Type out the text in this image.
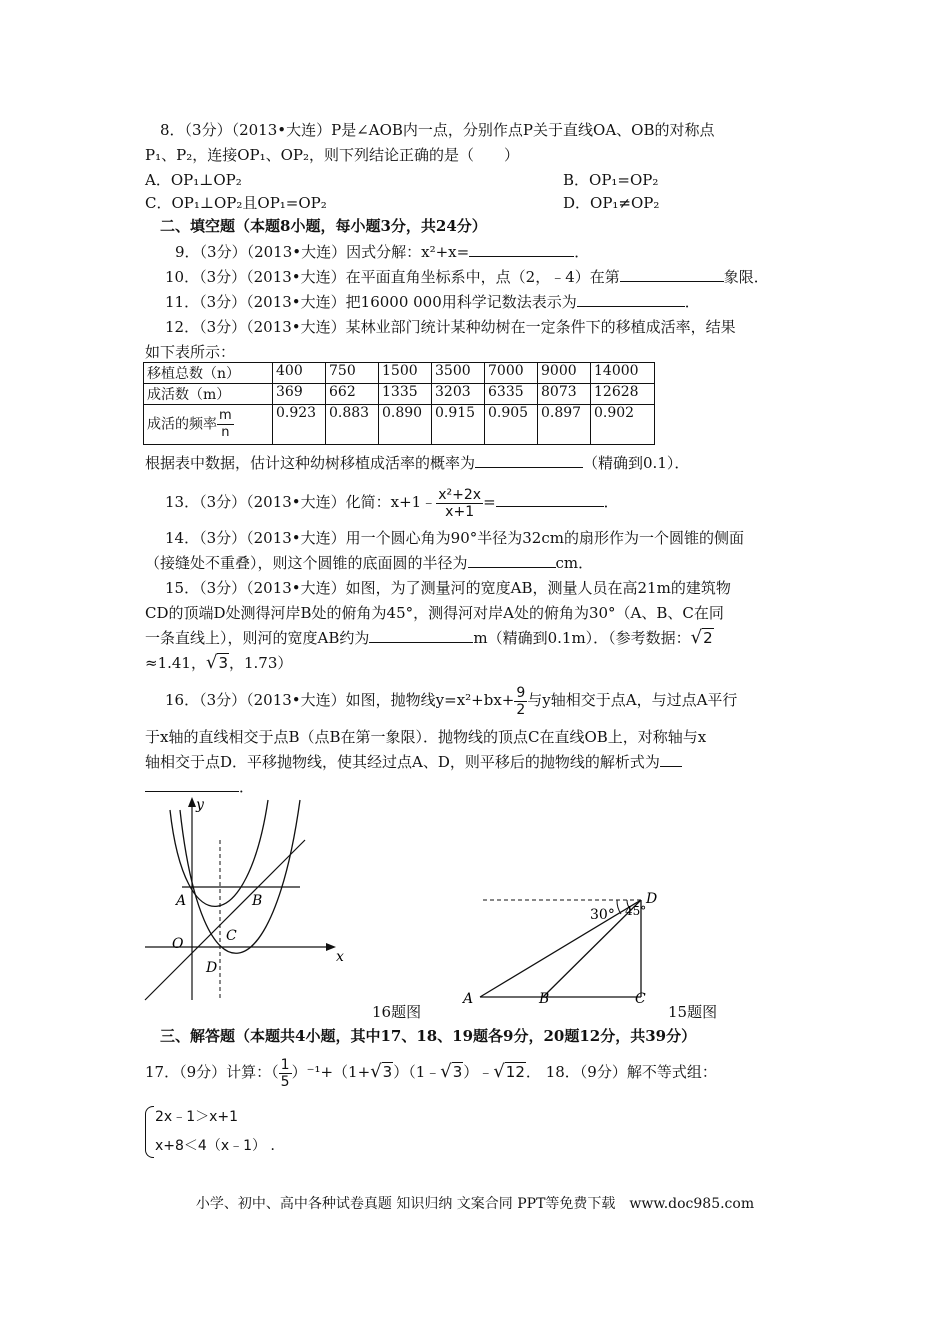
8．（3分）（2013•大连）P是∠AOB内一点，分别作点P关于直线OA、OB的对称点
P₁、P₂，连接OP₁、OP₂，则下列结论正确的是（　　）
A．OP₁⊥OP₂	B．OP₁=OP₂
C．OP₁⊥OP₂且OP₁=OP₂	D．OP₁≠OP₂
二、填空题（本题8小题，每小题3分，共24分）
9．（3分）（2013•大连）因式分解：x²+x=	．
10．（3分）（2013•大连）在平面直角坐标系中，点（2，﹣4）在第	象限．
11．（3分）（2013•大连）把16000 000用科学记数法表示为	．
12．（3分）（2013•大连）某林业部门统计某种幼树在一定条件下的移植成活率，结果
如下表所示：
移植总数（n）	400	750	1500	3500	7000	9000	14000
成活数（m）	369	662	1335	3203	6335	8073	12628
成活的频率 $\frac{m}{n}$	0.923	0.883	0.890	0.915	0.905	0.897	0.902
根据表中数据，估计这种幼树移植成活率的概率为	（精确到0.1）．
13．（3分）（2013•大连）化简：x+1﹣ $\frac{\text{x²+2x}}{x+1}$ =	．
14．（3分）（2013•大连）用一个圆心角为90°半径为32cm的扇形作为一个圆锥的侧面
（接缝处不重叠），则这个圆锥的底面圆的半径为	cm．
15．（3分）（2013•大连）如图，为了测量河的宽度AB，测量人员在高21m的建筑物
CD的顶端D处测得河岸B处的俯角为45°，测得河对岸A处的俯角为30°（A、B、C在同
一条直线上），则河的宽度AB约为	m（精确到0.1m）．（参考数据：√2
≈1.41，√3，1.73）
16．（3分）（2013•大连）如图，抛物线$y=x^2+bx+ \frac{9}{2}$ 与y轴相交于点A，与过点A平行
于x轴的直线相交于点B（点B在第一象限）．抛物线的顶点C在直线OB上，对称轴与x
轴相交于点D．平移抛物线，使其经过点A、D，则平移后的抛物线的解析式为
．
y
x
A	B
C
O
D
30° 45°
D
A	B	C
16题图	15题图
三、解答题（本题共4小题，其中17、18、19题各9分，20题12分，共39分）
17．（9分）计算：（ $\frac{1}{5}$ ）⁻¹+（1+√3）（1﹣√3）﹣√12． 18．（9分）解不等式组：
2x﹣1＞x+1
x+8＜4（x﹣1） ．
小学、初中、高中各种试卷真题 知识归纳 文案合同 PPT等免费下载　www.doc985.com
